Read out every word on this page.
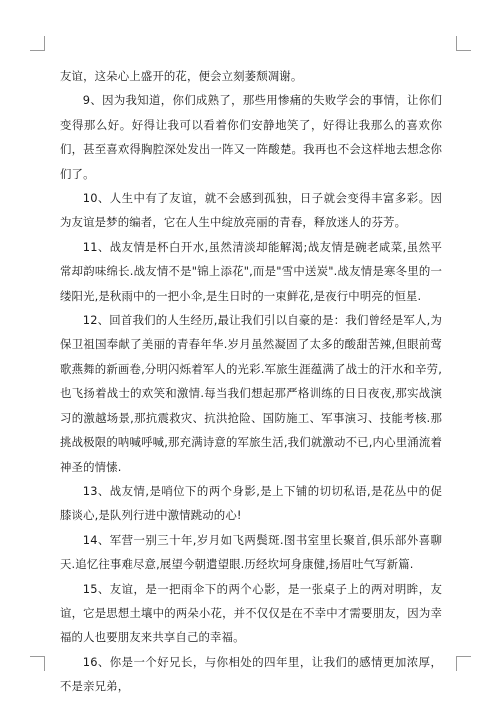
友谊，这朵心上盛开的花，便会立刻萎颓凋谢。

9、因为我知道，你们成熟了，那些用惨痛的失败学会的事情，让你们变得那么好。好得让我可以看着你们安静地笑了，好得让我那么的喜欢你们，甚至喜欢得胸腔深处发出一阵又一阵酸楚。我再也不会这样地去想念你们了。

10、人生中有了友谊，就不会感到孤独，日子就会变得丰富多彩。因为友谊是梦的编者，它在人生中绽放亮丽的青春，释放迷人的芬芳。

11、战友情是杯白开水,虽然清淡却能解渴;战友情是碗老咸菜,虽然平常却韵味绵长.战友情不是"锦上添花",而是"雪中送炭".战友情是寒冬里的一缕阳光,是秋雨中的一把小伞,是生日时的一束鲜花,是夜行中明亮的恒星.

12、回首我们的人生经历,最让我们引以自豪的是：我们曾经是军人,为保卫祖国奉献了美丽的青春年华.岁月虽然凝固了太多的酸甜苦辣,但眼前莺歌燕舞的新画卷,分明闪烁着军人的光彩.军旅生涯蕴满了战士的汗水和辛劳,也飞扬着战士的欢笑和激情.每当我们想起那严格训练的日日夜夜,那实战演习的激越场景,那抗震救灾、抗洪抢险、国防施工、军事演习、技能考核.那挑战极限的呐喊呼喊,那充满诗意的军旅生活,我们就激动不已,内心里涌流着神圣的情愫.

13、战友情,是哨位下的两个身影,是上下铺的切切私语,是花丛中的促膝谈心,是队列行进中激情跳动的心!

14、军营一别三十年,岁月如飞两鬓斑.图书室里长聚首,俱乐部外喜聊天.追忆往事难尽意,展望今朝遣望眼.历经坎坷身康健,扬眉吐气写新篇.

15、友谊，是一把雨伞下的两个心影，是一张桌子上的两对明眸，友谊，它是思想土壤中的两朵小花，并不仅仅是在不幸中才需要朋友，因为幸福的人也要朋友来共享自己的幸福。

16、你是一个好兄长，与你相处的四年里，让我们的感情更加浓厚，不是亲兄弟，
